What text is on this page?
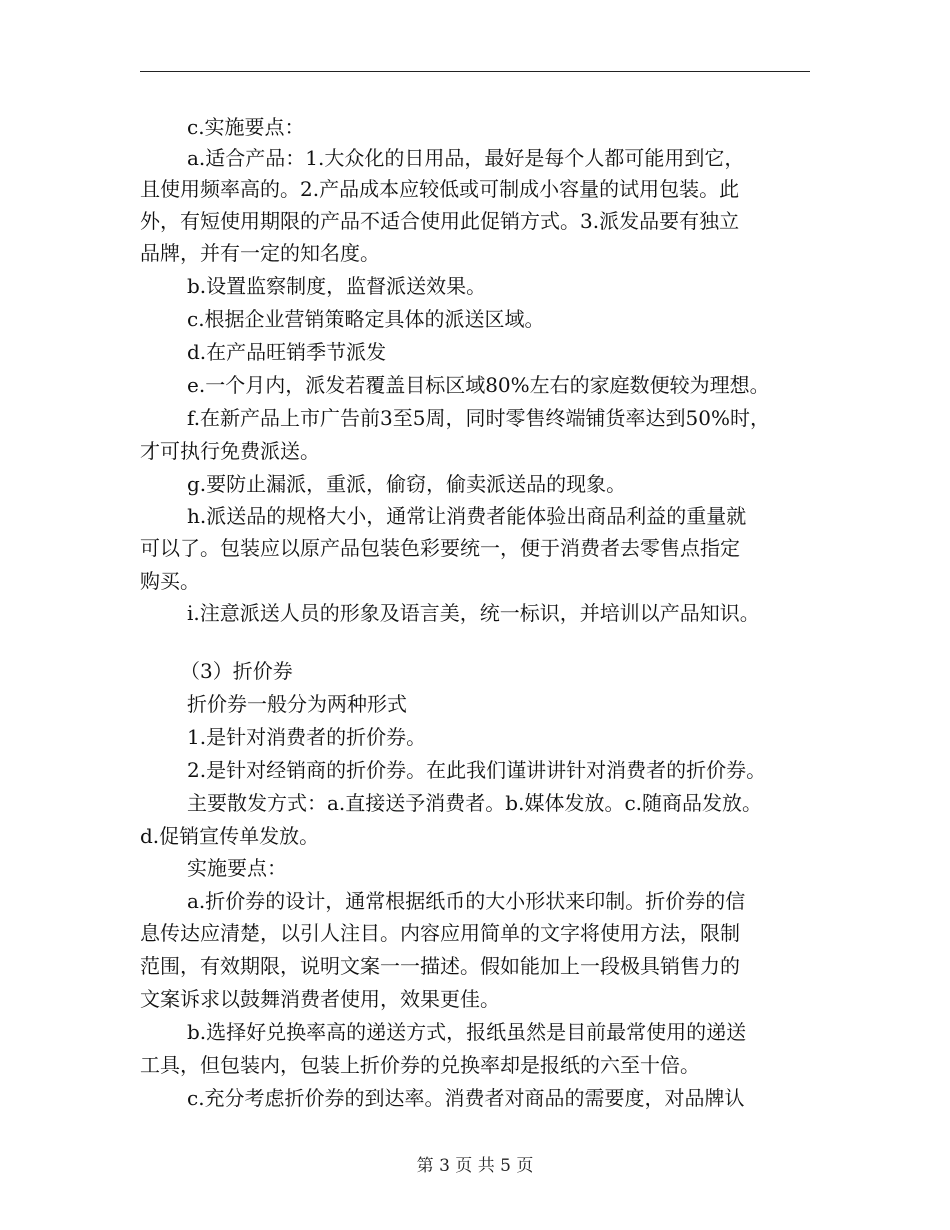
c.实施要点：
a.适合产品：1.大众化的日用品，最好是每个人都可能用到它，
且使用频率高的。2.产品成本应较低或可制成小容量的试用包装。此
外，有短使用期限的产品不适合使用此促销方式。3.派发品要有独立
品牌，并有一定的知名度。
b.设置监察制度，监督派送效果。
c.根据企业营销策略定具体的派送区域。
d.在产品旺销季节派发
e.一个月内，派发若覆盖目标区域80%左右的家庭数便较为理想。
f.在新产品上市广告前3至5周，同时零售终端铺货率达到50%时，
才可执行免费派送。
g.要防止漏派，重派，偷窃，偷卖派送品的现象。
h.派送品的规格大小，通常让消费者能体验出商品利益的重量就
可以了。包装应以原产品包装色彩要统一，便于消费者去零售点指定
购买。
i.注意派送人员的形象及语言美，统一标识，并培训以产品知识。
（3）折价券
折价券一般分为两种形式
1.是针对消费者的折价券。
2.是针对经销商的折价券。在此我们谨讲讲针对消费者的折价券。
主要散发方式：a.直接送予消费者。b.媒体发放。c.随商品发放。
d.促销宣传单发放。
实施要点：
a.折价券的设计，通常根据纸币的大小形状来印制。折价券的信
息传达应清楚，以引人注目。内容应用简单的文字将使用方法，限制
范围，有效期限，说明文案一一描述。假如能加上一段极具销售力的
文案诉求以鼓舞消费者使用，效果更佳。
b.选择好兑换率高的递送方式，报纸虽然是目前最常使用的递送
工具，但包装内，包装上折价券的兑换率却是报纸的六至十倍。
c.充分考虑折价券的到达率。消费者对商品的需要度，对品牌认
第 3 页 共 5 页
